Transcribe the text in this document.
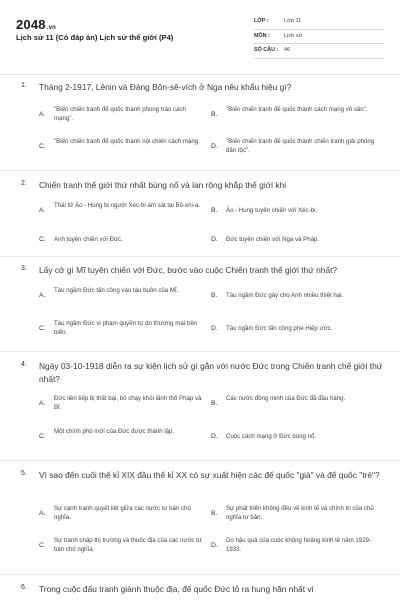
2048.vn
Lịch sử 11 (Có đáp án) Lịch sử thế giới (P4)
LỚP :	Lớp 11
MÔN :	Lịch sử
SỐ CÂU : 46
1. Tháng 2-1917, Lênin và Đảng Bôn-sê-vích ở Nga nêu khẩu hiệu gì?
A.
"Biến chiến tranh đế quốc thành phong trào cách mạng".
B.
"Biến chiến tranh đế quốc thành cách mạng vô sản".
C.
"Biến chiến tranh đế quốc thành nội chiến cách mạng.
D.
"Biến chiến tranh đế quốc thành chiến tranh giải phóng dân tộc".
2. Chiến tranh thế giới thứ nhất bùng nổ và lan rộng khắp thế giới khi
A.
Thái tử Áo - Hung bị người Xéc-bi ám sát tại Bô-xni-a.
B. Áo - Hung tuyên chiến với Xéc-bi.
C. Anh tuyên chiến với Đức.	D. Đức tuyên chiến với Nga và Pháp.
3. Lấy cớ gì Mĩ tuyên chiến với Đức, bước vào cuộc Chiến tranh thế giới thứ nhất?
A.
Tàu ngầm Đức tấn công vào tàu buôn của Mĩ.
B. Tàu ngầm Đức gây cho Anh nhiều thiệt hại.
C.
Tàu ngầm Đức vi phạm quyền tự do thương mại trên biển.
D. Tàu ngầm Đức tấn công phe Hiệp ước.
4. Ngày 03-10-1918 diễn ra sự kiện lịch sử gì gắn với nước Đức trong Chiến tranh chế giới thứ nhất?
A.
Đức liên tiếp bị thất bại, bỏ chạy khỏi lãnh thổ Pháp và Bỉ.
B.
Các nước đồng minh của Đức đã đầu hàng.
C.
Một chính phủ mới của Đức được thành lập.
D. Cuộc cách mạng ở Đức bùng nổ.
5. Vì sao đến cuối thế kỉ XIX đầu thế kỉ XX có sự xuất hiện các đế quốc "già" và đế quốc "trẻ"?
A.
Sự cạnh tranh quyết liệt giữa các nước tư bản chủ nghĩa.
B.
Sự phát triển không đều về kinh tế và chính trị của chủ nghĩa tư bản.
C.
Sự tranh chấp thị trường và thuộc địa của các nước tư bản chủ nghĩa.
D.
Do hậu quả của cuộc khủng hoảng kinh tế năm 1929-1933.
6. Trong cuộc đấu tranh giành thuộc địa, đế quốc Đức tỏ ra hung hăn nhất vì
